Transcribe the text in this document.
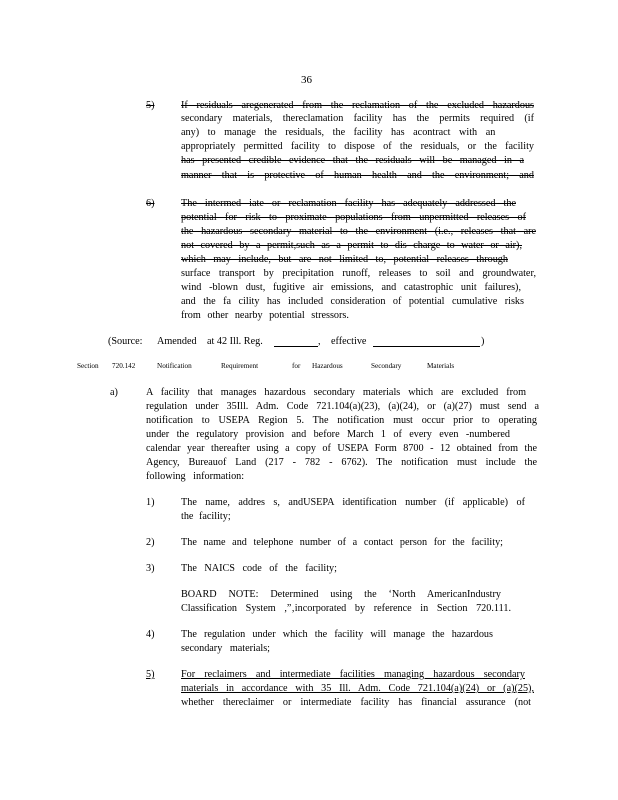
36
5)	If residuals aregenerated from the reclamation of the excluded hazardous
secondary materials, thereclamation facility has the permits required (if
any) to manage the residuals, the facility has acontract with an
appropriately permitted facility to dispose of the residuals, or the facility
has presented credible evidence that the residuals will be managed in a
manner that is protective of human health and the environment; and
6)	The intermed iate or reclamation facility has adequately addressed the
potential for risk to proximate populations from unpermitted releases of
the hazardous secondary material to the environment (i.e., releases that are
not covered by a permit,such as a permit to dis charge to water or air),
which may include, but are not limited to, potential releases through
surface transport by precipitation runoff, releases to soil and groundwater,
wind -blown dust, fugitive air emissions, and catastrophic unit failures),
and the fa cility has included consideration of potential cumulative risks
from other nearby potential stressors.
(Source: Amended at 42 Ill. Reg.	, effective	)
Section 720.142	Notification	Requirement	for Hazardous	Secondary	Materials
a)	A facility that manages hazardous secondary materials which are excluded from
regulation under 35Ill. Adm. Code 721.104(a)(23), (a)(24), or (a)(27) must send a
notification to USEPA Region 5. The notification must occur prior to operating
under the regulatory provision and before March 1 of every even -numbered
calendar year thereafter using a copy of USEPA Form 8700 - 12 obtained from the
Agency, Bureauof Land (217 - 782 - 6762). The notification must include the
following information:
1)	The name, addres s, andUSEPA identification number (if applicable) of
the facility;
2)	The name and telephone number of a contact person for the facility;
3)	The NAICS code of the facility;
BOARD NOTE: Determined using the ‘North AmericanIndustry
Classification System ,”‚incorporated by reference in Section 720.111.
4)	The regulation under which the facility will manage the hazardous
secondary materials;
5)	For reclaimers and intermediate facilities managing hazardous secondary
materials in accordance with 35 Ill. Adm. Code 721.104(a)(24) or (a)(25),
whether thereclaimer or intermediate facility has financial assurance (not
